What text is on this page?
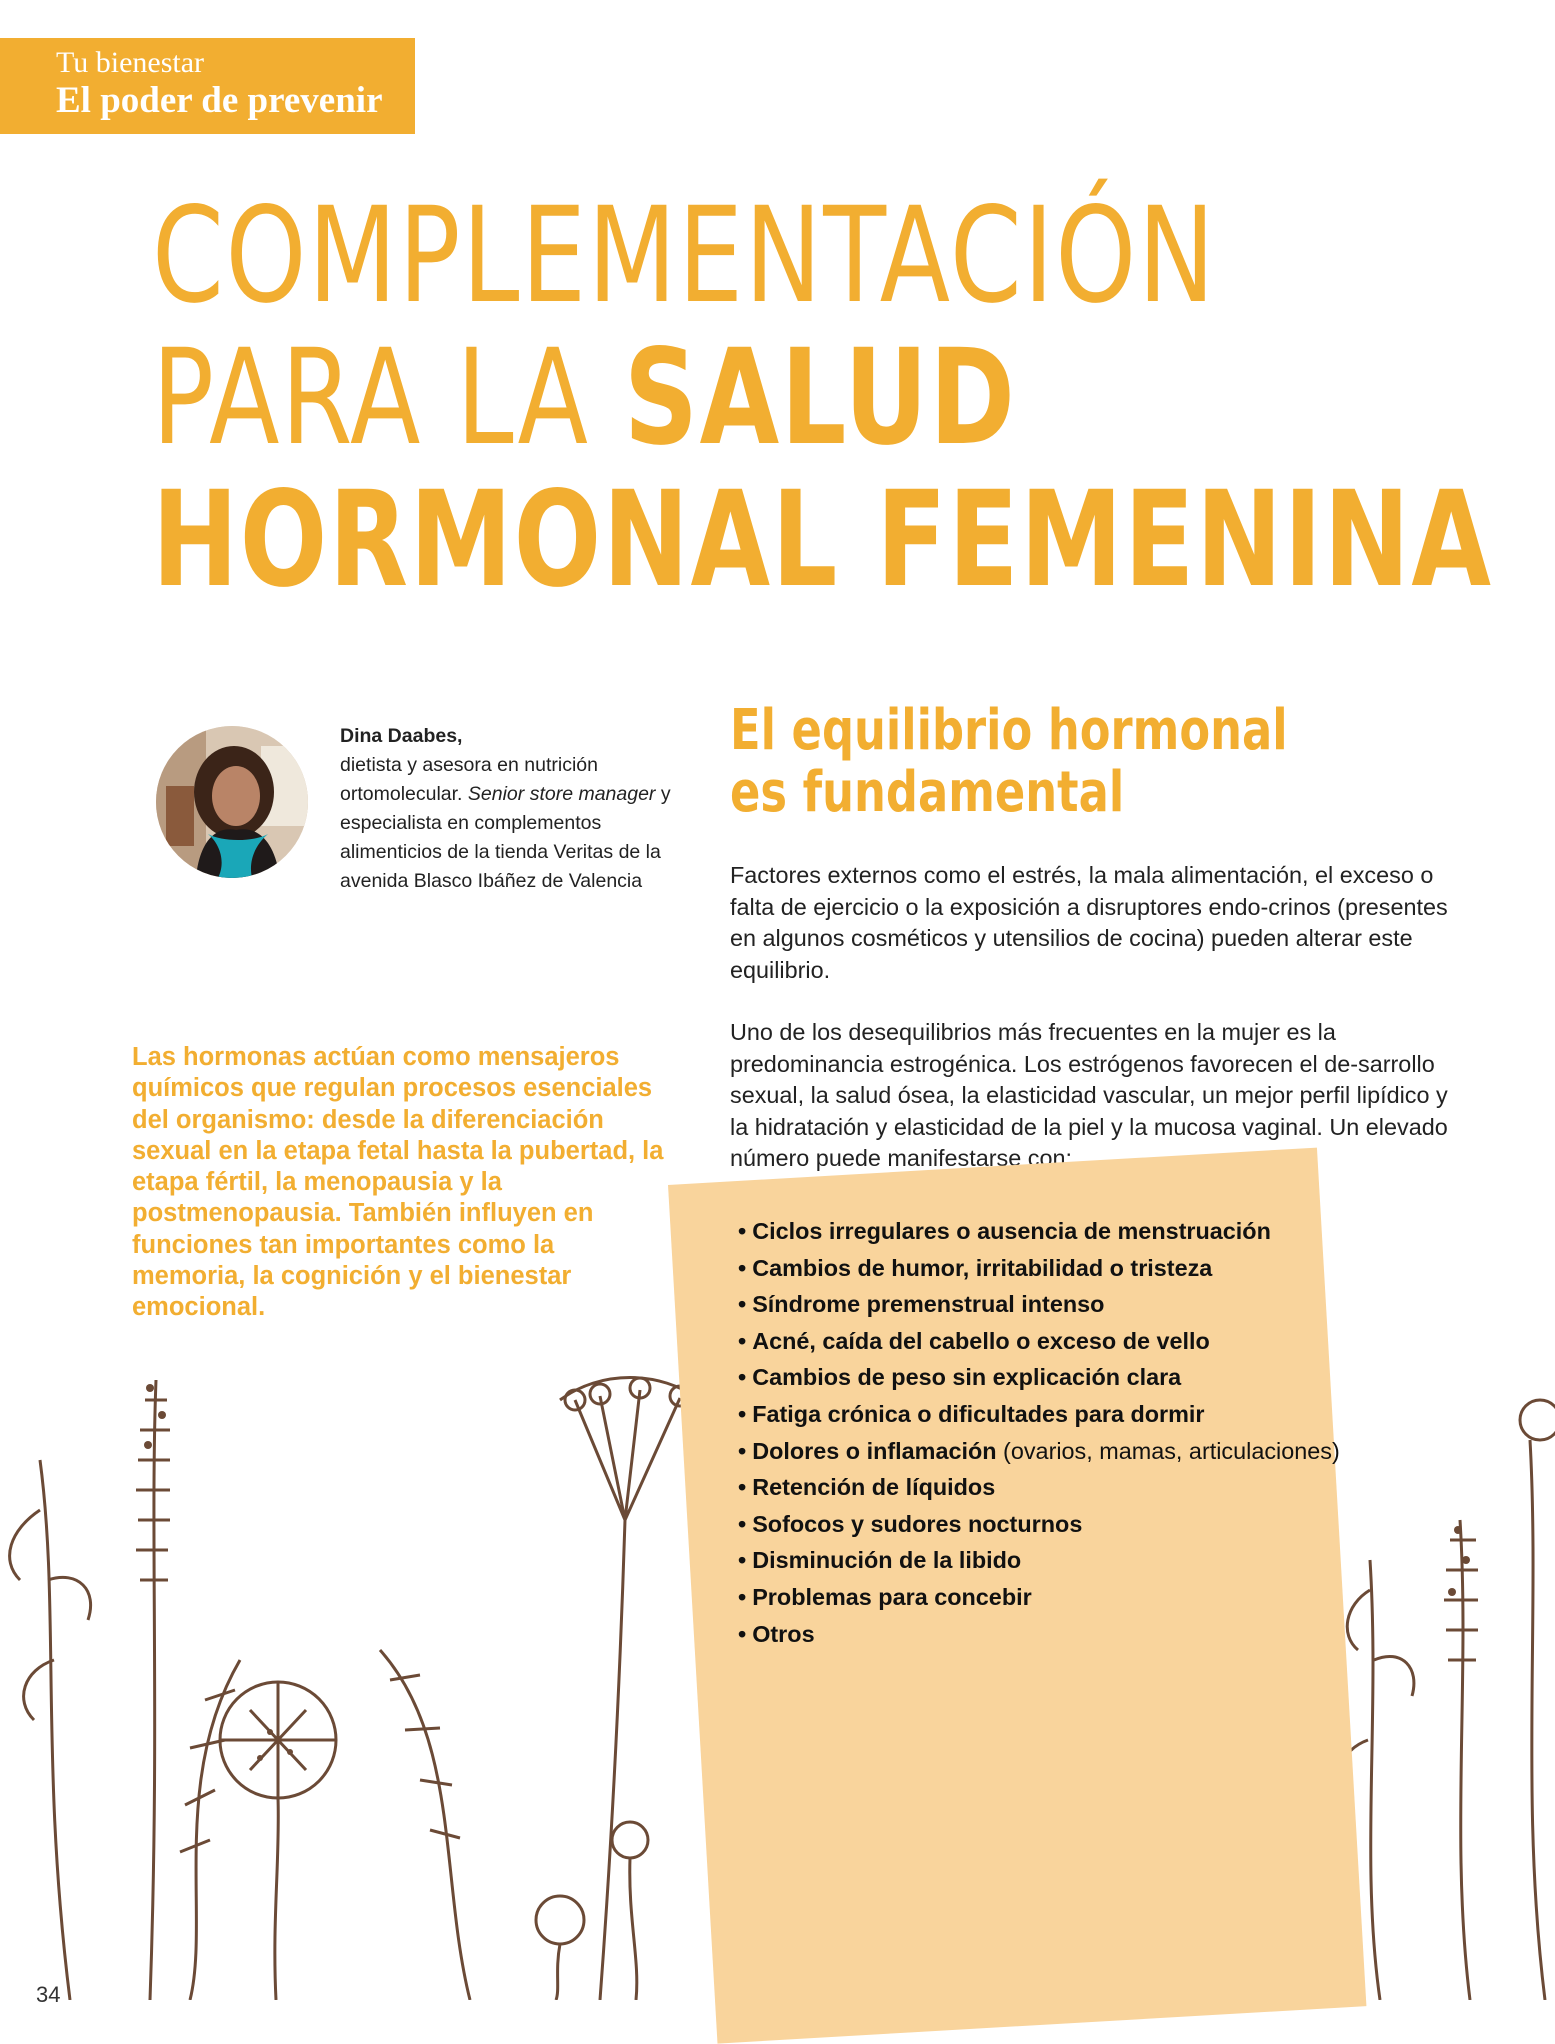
Tu bienestar
El poder de prevenir
COMPLEMENTACIÓN
PARA LA SALUD
HORMONAL FEMENINA
Dina Daabes,
dietista y asesora en nutrición ortomolecular. Senior store manager y especialista en complementos alimenticios de la tienda Veritas de la avenida Blasco Ibáñez de Valencia

Las hormonas actúan como mensajeros químicos que regulan procesos esenciales del organismo: desde la diferenciación sexual en la etapa fetal hasta la pubertad, la etapa fértil, la menopausia y la postmenopausia. También influyen en funciones tan importantes como la memoria, la cognición y el bienestar emocional.

El equilibrio hormonal es fundamental

Factores externos como el estrés, la mala alimentación, el exceso o falta de ejercicio o la exposición a disruptores endo-crinos (presentes en algunos cosméticos y utensilios de cocina) pueden alterar este equilibrio.

Uno de los desequilibrios más frecuentes en la mujer es la predominancia estrogénica. Los estrógenos favorecen el de-sarrollo sexual, la salud ósea, la elasticidad vascular, un mejor perfil lipídico y la hidratación y elasticidad de la piel y la mucosa vaginal. Un elevado número puede manifestarse con:

• Ciclos irregulares o ausencia de menstruación
• Cambios de humor, irritabilidad o tristeza
• Síndrome premenstrual intenso
• Acné, caída del cabello o exceso de vello
• Cambios de peso sin explicación clara
• Fatiga crónica o dificultades para dormir
• Dolores o inflamación (ovarios, mamas, articulaciones)
• Retención de líquidos
• Sofocos y sudores nocturnos
• Disminución de la libido
• Problemas para concebir
• Otros
34
